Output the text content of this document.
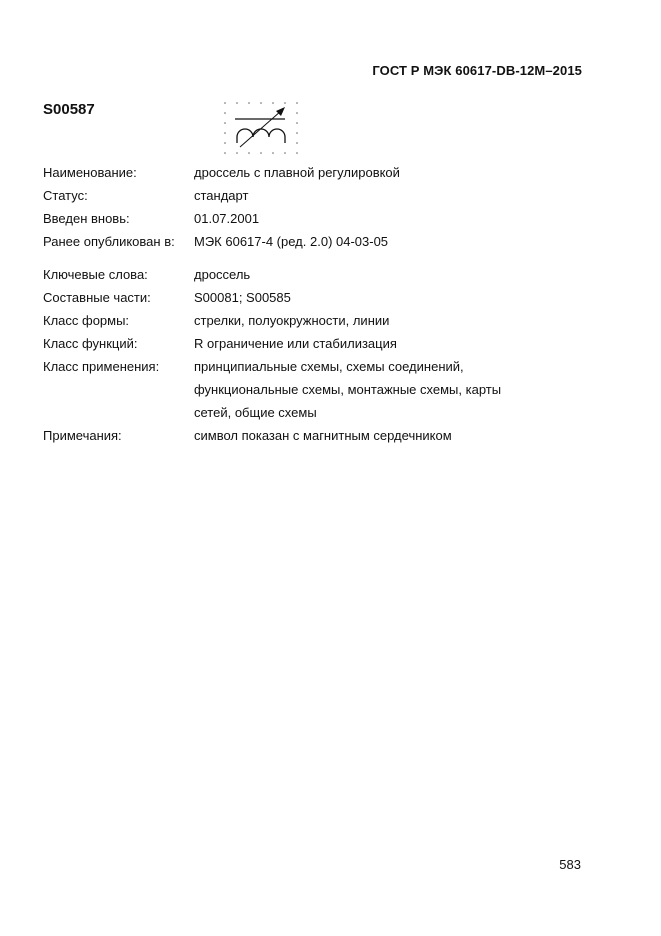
ГОСТ Р МЭК 60617-DB-12M–2015
S00587
Наименование:	дроссель с плавной регулировкой
Статус:	стандарт
Введен вновь:	01.07.2001
Ранее опубликован в:	МЭК 60617-4 (ред. 2.0) 04-03-05
Ключевые слова:	дроссель
Составные части:	S00081; S00585
Класс формы:	стрелки, полуокружности, линии
Класс функций:	R ограничение или стабилизация
Класс применения:	принципиальные схемы, схемы соединений,
функциональные схемы, монтажные схемы, карты
сетей, общие схемы
Примечания:	символ показан с магнитным сердечником
583
